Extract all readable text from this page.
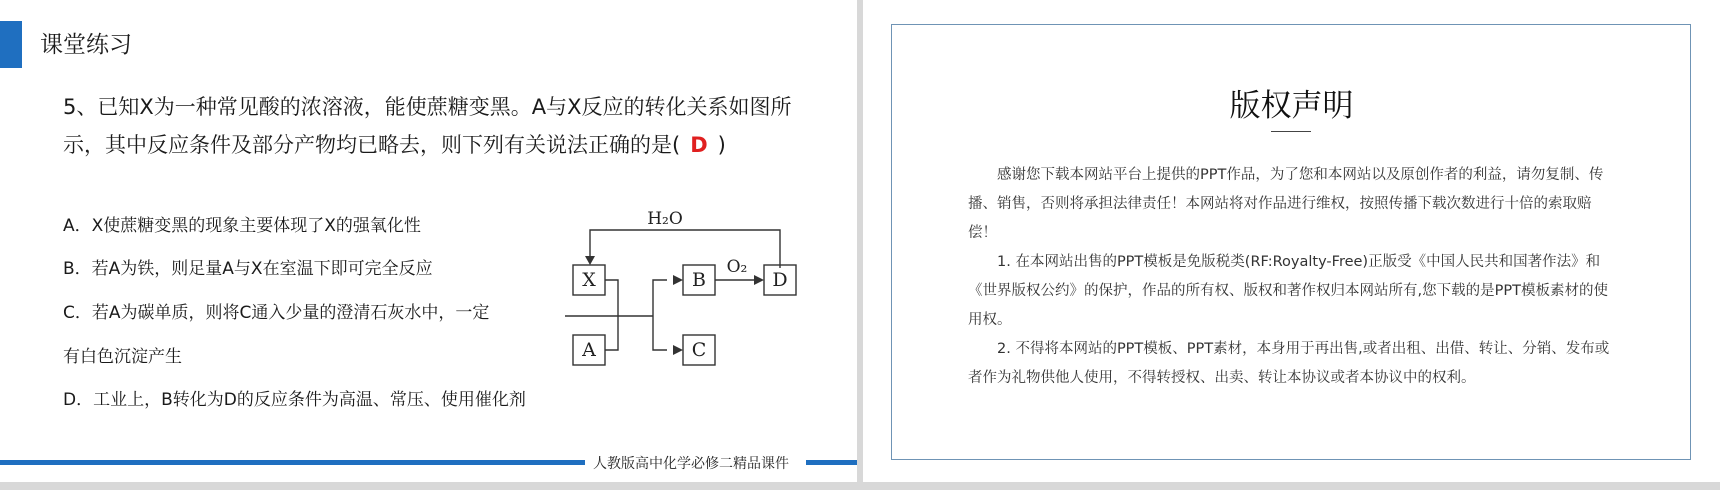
课堂练习
5、已知X为一种常见酸的浓溶液，能使蔗糖变黑。A与X反应的转化关系如图所示，其中反应条件及部分产物均已略去，则下列有关说法正确的是( D )
A．X使蔗糖变黑的现象主要体现了X的强氧化性
B．若A为铁，则足量A与X在室温下即可完全反应
C．若A为碳单质，则将C通入少量的澄清石灰水中，一定
有白色沉淀产生
D．工业上，B转化为D的反应条件为高温、常压、使用催化剂
H₂O
O₂
X
A
B
C
D
人教版高中化学必修二精品课件
版权声明

感谢您下载本网站平台上提供的PPT作品，为了您和本网站以及原创作者的利益，请勿复制、传播、销售，否则将承担法律责任！本网站将对作品进行维权，按照传播下载次数进行十倍的索取赔偿！

1. 在本网站出售的PPT模板是免版税类(RF:Royalty-Free)正版受《中国人民共和国著作法》和《世界版权公约》的保护，作品的所有权、版权和著作权归本网站所有,您下载的是PPT模板素材的使用权。

2. 不得将本网站的PPT模板、PPT素材，本身用于再出售,或者出租、出借、转让、分销、发布或者作为礼物供他人使用，不得转授权、出卖、转让本协议或者本协议中的权利。
